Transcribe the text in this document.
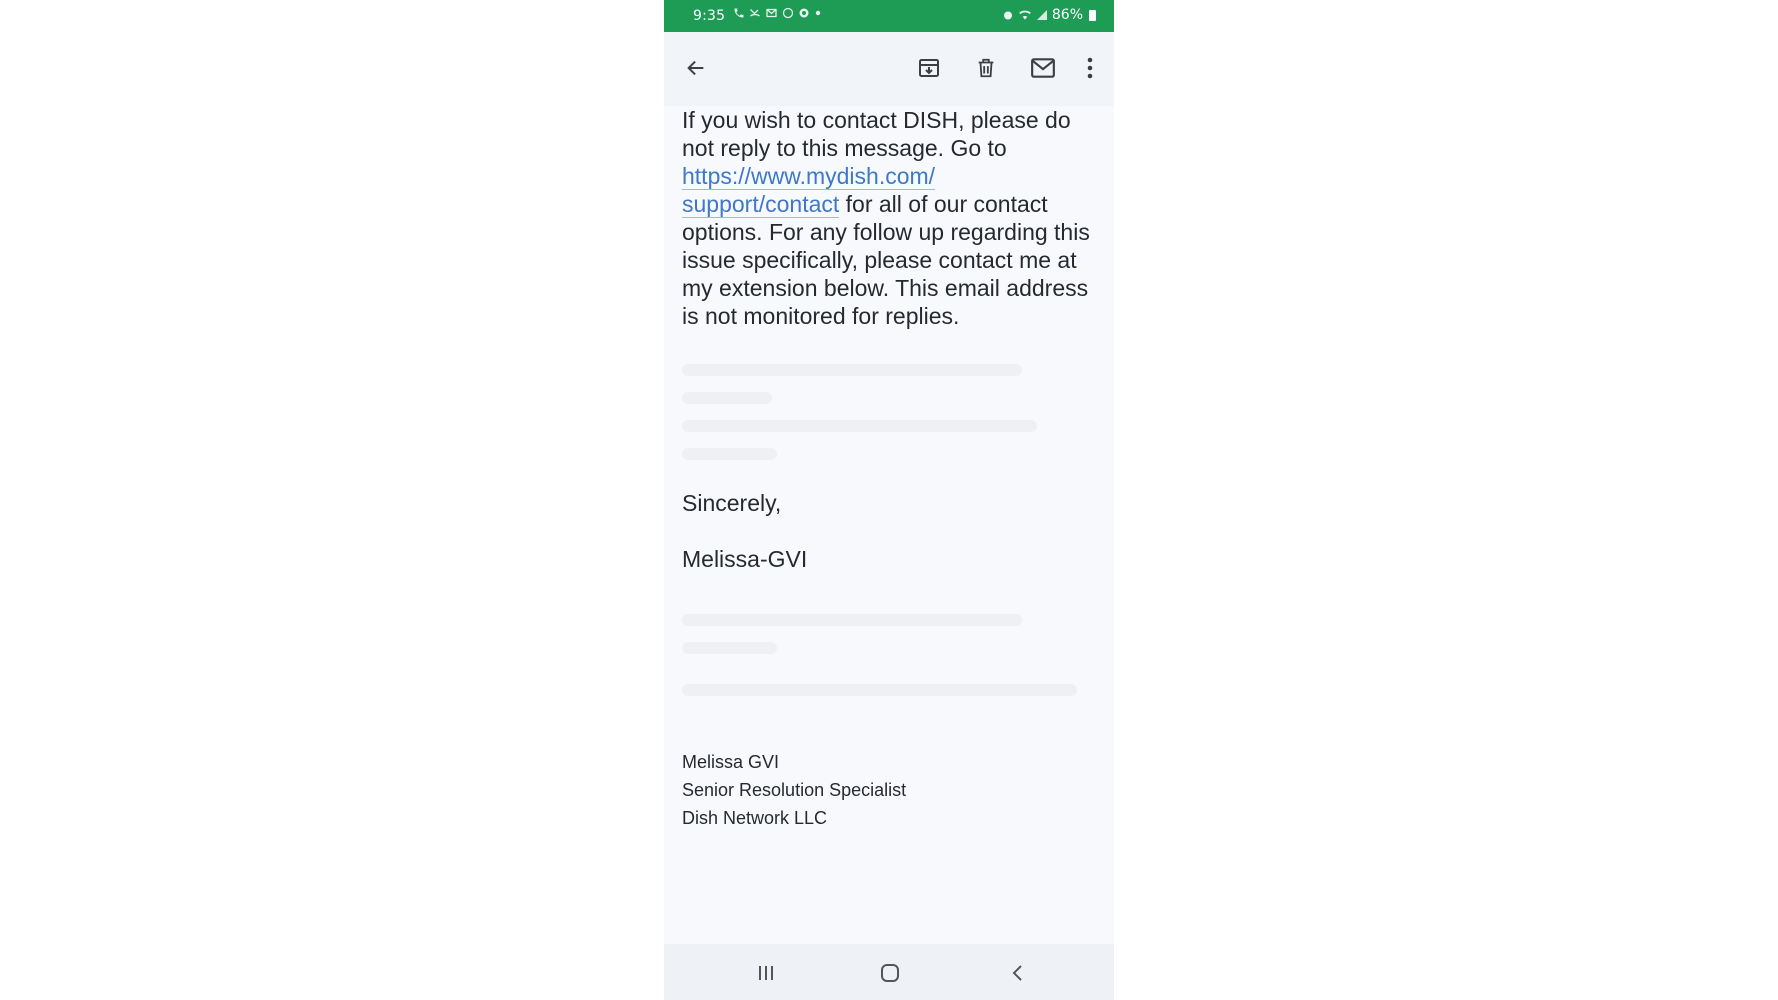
9:35	86%
If you wish to contact DISH, please do not reply to this message. Go to https://www.mydish.com/
support/contact for all of our contact options. For any follow up regarding this issue specifically, please contact me at my extension below. This email address is not monitored for replies.
Sincerely,
Melissa-GVI
Melissa GVI
Senior Resolution Specialist
Dish Network LLC
